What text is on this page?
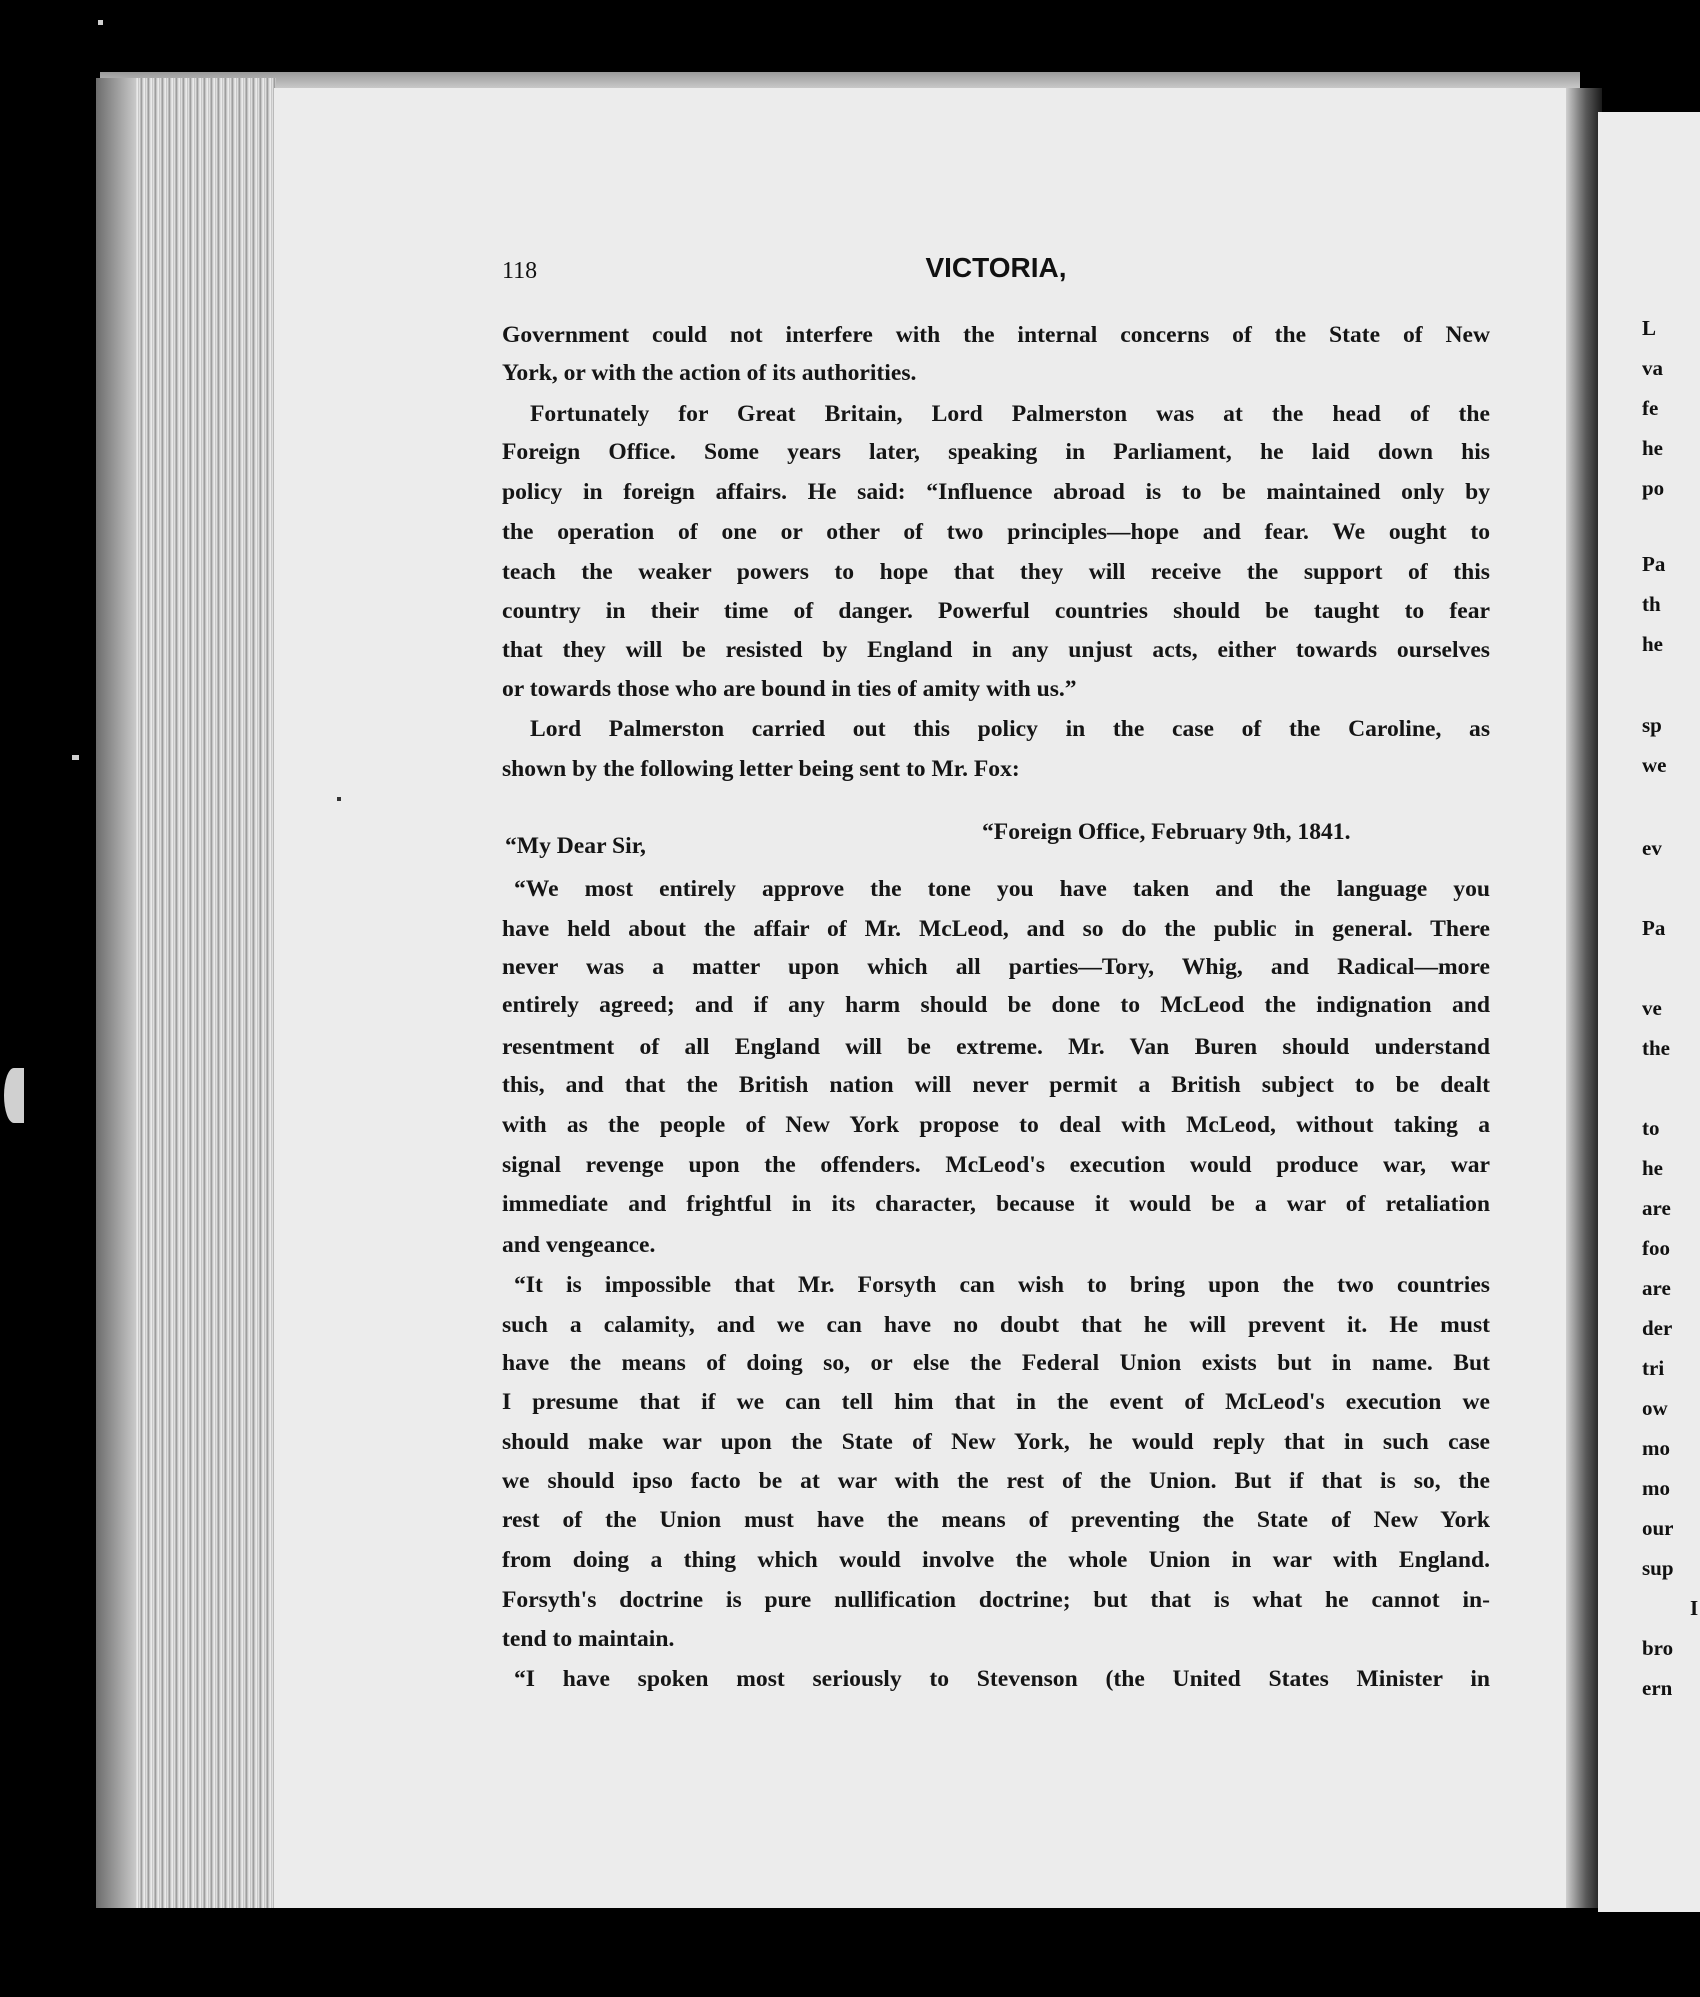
118	VICTORIA,
Government could not interfere with the internal concerns of the State of New
York, or with the action of its authorities.
Fortunately for Great Britain, Lord Palmerston was at the head of the
Foreign Office. Some years later, speaking in Parliament, he laid down his
policy in foreign affairs. He said: “Influence abroad is to be maintained only by
the operation of one or other of two principles—hope and fear. We ought to
teach the weaker powers to hope that they will receive the support of this
country in their time of danger. Powerful countries should be taught to fear
that they will be resisted by England in any unjust acts, either towards ourselves
or towards those who are bound in ties of amity with us.”
Lord Palmerston carried out this policy in the case of the Caroline, as
shown by the following letter being sent to Mr. Fox:
“Foreign Office, February 9th, 1841.
“My Dear Sir,
“We most entirely approve the tone you have taken and the language you
have held about the affair of Mr. McLeod, and so do the public in general. There
never was a matter upon which all parties—Tory, Whig, and Radical—more
entirely agreed; and if any harm should be done to McLeod the indignation and
resentment of all England will be extreme. Mr. Van Buren should understand
this, and that the British nation will never permit a British subject to be dealt
with as the people of New York propose to deal with McLeod, without taking a
signal revenge upon the offenders. McLeod's execution would produce war, war
immediate and frightful in its character, because it would be a war of retaliation
and vengeance.
“It is impossible that Mr. Forsyth can wish to bring upon the two countries
such a calamity, and we can have no doubt that he will prevent it. He must
have the means of doing so, or else the Federal Union exists but in name. But
I presume that if we can tell him that in the event of McLeod's execution we
should make war upon the State of New York, he would reply that in such case
we should ipso facto be at war with the rest of the Union. But if that is so, the
rest of the Union must have the means of preventing the State of New York
from doing a thing which would involve the whole Union in war with England.
Forsyth's doctrine is pure nullification doctrine; but that is what he cannot in-
tend to maintain.
“I have spoken most seriously to Stevenson (the United States Minister in
L
va
fe
he
po
Pa
th
he
sp
we
ev
Pa
ve
the
to
he
are
foo
are
der
tri
ow
mo
mo
our
sup
I
bro
ern
